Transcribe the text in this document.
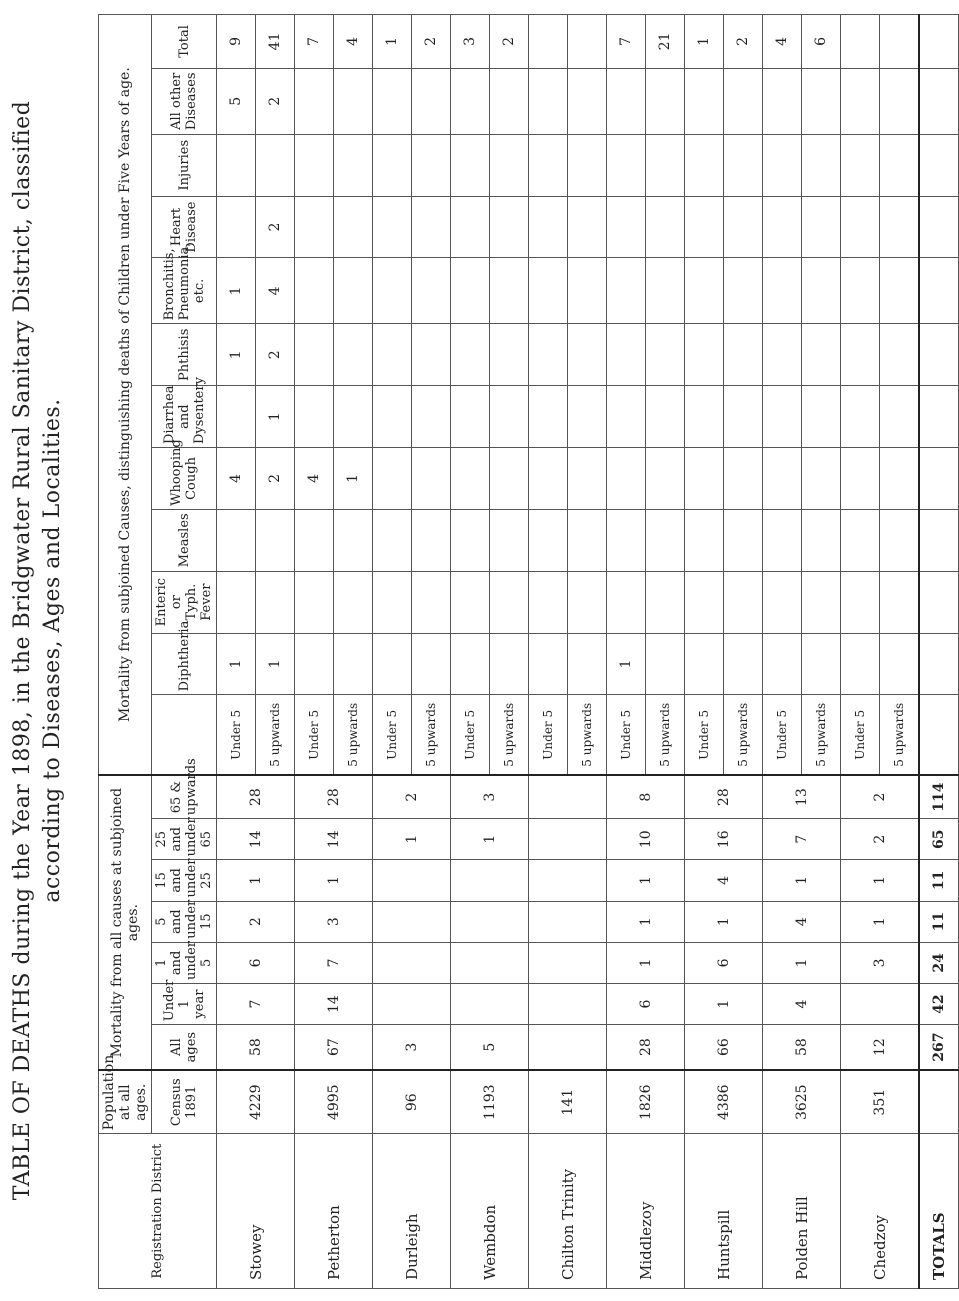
TABLE OF DEATHS during the Year 1898, in the Bridgwater Rural Sanitary District, classified according to Diseases, Ages and Localities.
Registration District	Population at all ages.	Mortality from all causes at subjoined ages.							Mortality from subjoined Causes, distinguishing deaths of Children under Five Years of age.											
	Census 1891	All ages	Under 1 year	1 and under 5	5 and under 15	15 and under 25	25 and under 65	65 & upwards		Diphtheria	Enteric or Typh. Fever	Measles	Whooping Cough	Diarrhea and Dysentery	Phthisis	Bronchitis, Pneumonia, etc.	Heart Disease	Injuries	All other Diseases	Total
Stowey	4229	58	7	6	2	1	14	28	Under 5	1			4		1	1			5	9
									5 upwards	1			2	1	2	4	2		2	41
Petherton	4995	67	14	7	3	1	14	28	Under 5				4							7
									5 upwards				1							4
Durleigh	96	3					1	2	Under 5											1
									5 upwards											2
Wembdon	1193	5					1	3	Under 5											3
									5 upwards											2
Chilton Trinity	141								Under 5											
									5 upwards											
Middlezoy	1826	28	6	1	1	1	10	8	Under 5	1										7
									5 upwards											21
Huntspill	4386	66	1	6	1	4	16	28	Under 5											1
									5 upwards											2
Polden Hill	3625	58	4	1	4	1	7	13	Under 5											4
									5 upwards											6
Chedzoy	351	12		3	1	1	2	2	Under 5											
									5 upwards											
TOTALS		267	42	24	11	11	65	114												
